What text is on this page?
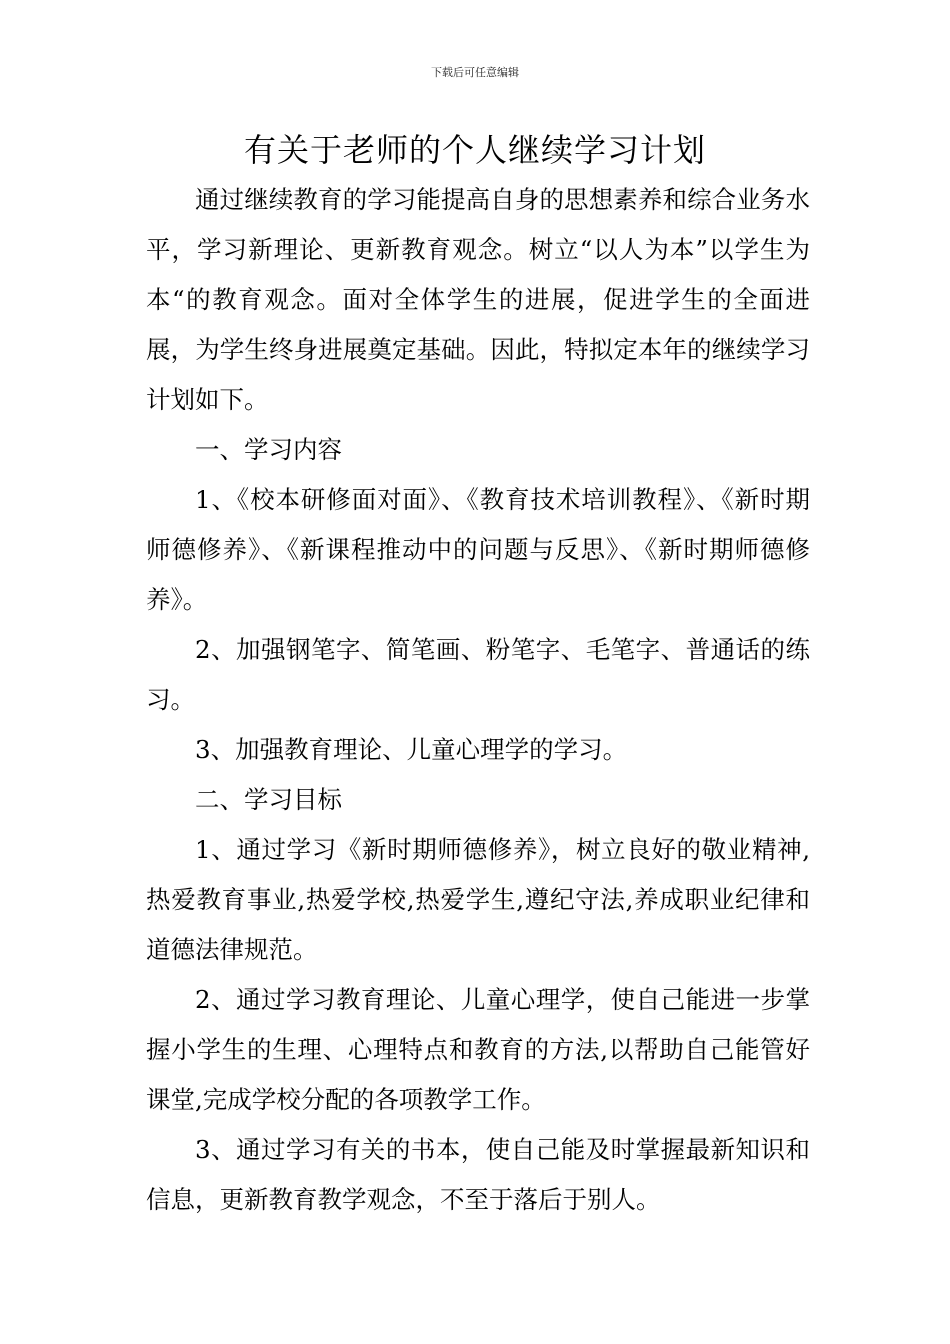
下载后可任意编辑
有关于老师的个人继续学习计划

通过继续教育的学习能提高自身的思想素养和综合业务水平，学习新理论、更新教育观念。树立“以人为本”以学生为本“的教育观念。面对全体学生的进展，促进学生的全面进展，为学生终身进展奠定基础。因此，特拟定本年的继续学习计划如下。

一、学习内容

1、《校本研修面对面》、《教育技术培训教程》、《新时期师德修养》、《新课程推动中的问题与反思》、《新时期师德修养》。

2、加强钢笔字、简笔画、粉笔字、毛笔字、普通话的练习。

3、加强教育理论、儿童心理学的学习。

二、学习目标

1、通过学习《新时期师德修养》，树立良好的敬业精神,热爱教育事业,热爱学校,热爱学生,遵纪守法,养成职业纪律和道德法律规范。

2、通过学习教育理论、儿童心理学，使自己能进一步掌握小学生的生理、心理特点和教育的方法,以帮助自己能管好课堂,完成学校分配的各项教学工作。

3、通过学习有关的书本，使自己能及时掌握最新知识和信息，更新教育教学观念，不至于落后于别人。
